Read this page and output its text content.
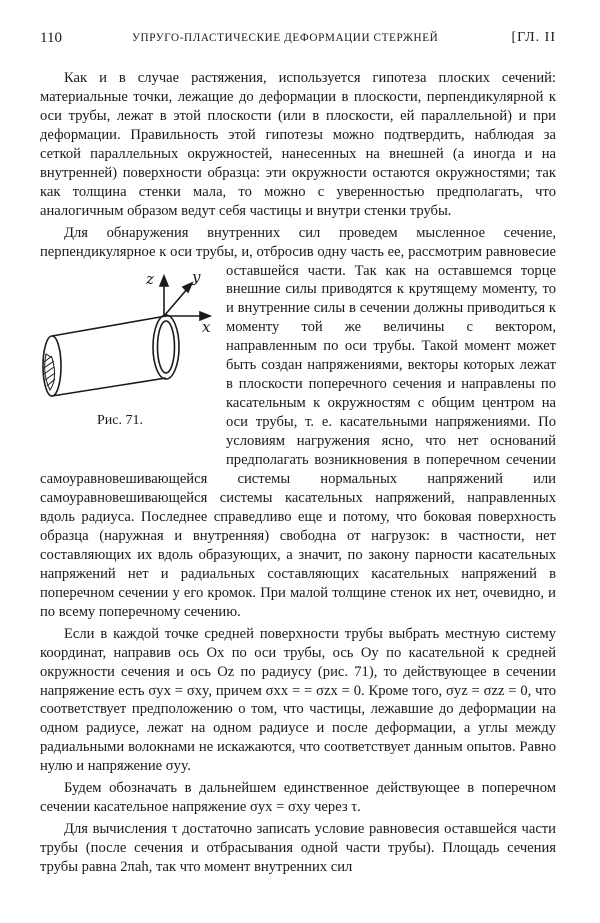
110	УПРУГО-ПЛАСТИЧЕСКИЕ ДЕФОРМАЦИИ СТЕРЖНЕЙ	[ГЛ. II

Как и в случае растяжения, используется гипотеза плоских сечений: материальные точки, лежащие до деформации в плоскости, перпендикулярной к оси трубы, лежат в этой плоскости (или в плоскости, ей параллельной) и при деформации. Правильность этой гипотезы можно подтвердить, наблюдая за сеткой параллельных окружностей, нанесенных на внешней (а иногда и на внутренней) поверхности образца: эти окружности остаются окружностями; так как толщина стенки мала, то можно с уверенностью предполагать, что аналогичным образом ведут себя частицы и внутри стенки трубы.

z	y
x
Рис. 71.
Для обнаружения внутренних сил проведем мысленное сечение, перпендикулярное к оси трубы, и, отбросив одну часть ее, рассмотрим равновесие оставшейся части. Так как на оставшемся торце внешние силы приводятся к крутящему моменту, то и внутренние силы в сечении должны приводиться к моменту той же величины с вектором, направленным по оси трубы. Такой момент может быть создан напряжениями, векторы которых лежат в плоскости поперечного сечения и направлены по касательным к окружностям с общим центром на оси трубы, т. е. касательными напряжениями. По условиям нагружения ясно, что нет оснований предполагать возникновения в поперечном сечении самоуравновешивающейся системы нормальных напряжений или самоуравновешивающейся системы касательных напряжений, направленных вдоль радиуса. Последнее справедливо еще и потому, что боковая поверхность образца (наружная и внутренняя) свободна от нагрузок: в частности, нет составляющих их вдоль образующих, а значит, по закону парности касательных напряжений нет и радиальных составляющих касательных напряжений в поперечном сечении у его кромок. При малой толщине стенок их нет, очевидно, и по всему поперечному сечению.

Если в каждой точке средней поверхности трубы выбрать местную систему координат, направив ось Ox по оси трубы, ось Oy по касательной к средней окружности сечения и ось Oz по радиусу (рис. 71), то действующее в сечении напряжение есть σyx = σxy, причем σxx = = σzx = 0. Кроме того, σyz = σzz = 0, что соответствует предположению о том, что частицы, лежавшие до деформации на одном радиусе, лежат на одном радиусе и после деформации, а углы между радиальными волокнами не искажаются, что соответствует данным опытов. Равно нулю и напряжение σyy.

Будем обозначать в дальнейшем единственное действующее в поперечном сечении касательное напряжение σyx = σxy через τ.

Для вычисления τ достаточно записать условие равновесия оставшейся части трубы (после сечения и отбрасывания одной части трубы). Площадь сечения трубы равна 2πah, так что момент внутренних сил
